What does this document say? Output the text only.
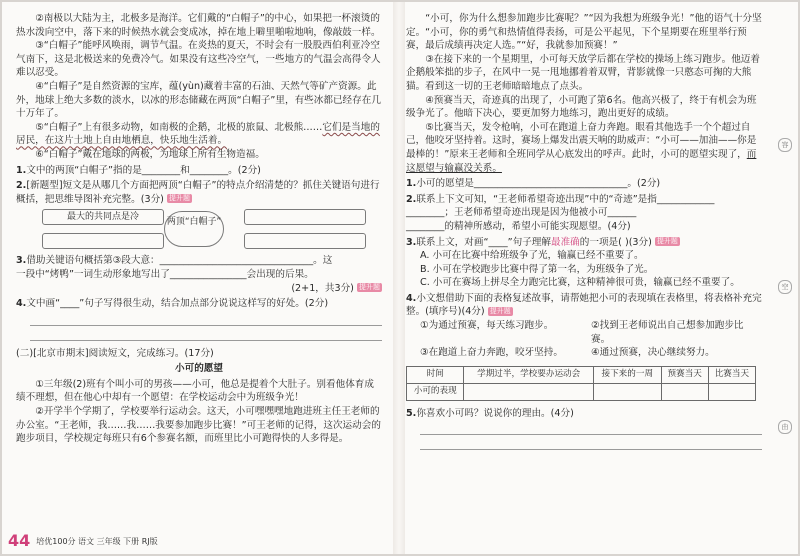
②南极以大陆为主，北极多是海洋。它们戴的“白帽子”的中心，如果把一杯滚烫的热水泼向空中，落下来的时候热水就会变成冰，掉在地上噼里啪啦地响，像敲鼓一样。

③“白帽子”能呼风唤雨，调节气温。在炎热的夏天，不时会有一股股西伯利亚冷空气南下，这是北极送来的免费冷气。如果没有这些冷空气，一些地方的气温会高得令人难以忍受。

④“白帽子”是自然资源的宝库，蕴(yùn)藏着丰富的石油、天然气等矿产资源。此外，地球上绝大多数的淡水，以冰的形态储藏在两顶“白帽子”里，有些冰都已经存在几十万年了。

⑤“白帽子”上有很多动物，如南极的企鹅，北极的旅鼠、北极熊……它们是当地的居民，在这片土地上自由地栖息，快乐地生活着。

⑥“白帽子”戴在地球的两极，为地球上所有生物造福。

1.文中的两顶“白帽子”指的是________和________。(2分)

2.[新题型]短文是从哪几个方面把两顶“白帽子”的特点介绍清楚的？抓住关键语句进行概括，把思维导图补充完整。(3分) 提升题

最大的共同点是冷	两顶“白帽子”

3.借助关键语句概括第③段大意：________________________________。这

一段中“烤鸭”一词生动形象地写出了________________会出现的后果。

(2+1，共3分) 提升题

4.文中画“____”句子写得很生动，结合加点部分说说这样写的好处。(2分)

(二)[北京市期末]阅读短文，完成练习。(17分)

小可的愿望

①三年级(2)班有个叫小可的男孩——小可，他总是提着个大肚子。别看他体育成绩不理想，但在他心中却有一个愿望：在学校运动会中为班级争光！

②开学半个学期了，学校要举行运动会。这天，小可嘿嘿嘿地跑进班主任王老师的办公室。“王老师，我……我……我要参加跑步比赛！”可王老师的记得，这次运动会的跑步项目，学校规定每班只有6个参赛名额，而班里比小可跑得快的人多得是。

44 培优100分 语文 三年级 下册 RJ版

“小可，你为什么想参加跑步比赛呢？”“因为我想为班级争光！”他的语气十分坚定。“小可，你的勇气和热情值得表扬，可是公平起见，下个星期要在班里举行预赛，最后成绩再决定人选。”“好，我就参加预赛！”

③在接下来的一个星期里，小可每天放学后都在学校的操场上练习跑步。他迈着企鹅般笨拙的步子，在风中一晃一甩地挪着着双臂，背影就像一只憨态可掬的大熊猫。看到这一切的王老师暗暗地点了点头。

④预赛当天，奇迹真的出现了，小可跑了第6名。他高兴极了，终于有机会为班级争光了。他暗下决心，要更加努力地练习，跑出更好的成绩。

⑤比赛当天，发令枪响，小可在跑道上奋力奔跑。眼看其他选手一个个超过自己，他咬牙坚持着。这时，赛场上爆发出震天响的助威声：“小可——加油——你是最棒的！”原来王老师和全班同学从心底发出的呼声。此时，小可的愿望实现了，而这愿望与输赢没关系。

1.小可的愿望是________________________________。(2分)

2.联系上下文可知，“王老师希望奇迹出现”中的“奇迹”是指____________

________；王老师希望奇迹出现是因为他被小可______

________的精神所感动，希望小可能实现愿望。(4分)

3.联系上文，对画“____”句子理解最准确的一项是( )(3分) 提升题

A. 小可在比赛中给班级争了光，输赢已经不重要了。

B. 小可在学校跑步比赛中得了第一名，为班级争了光。

C. 小可在赛场上拼尽全力跑完比赛，这种精神很可贵，输赢已经不重要了。

4.小文想借助下面的表格复述故事，请帮她把小可的表现填在表格里，将表格补充完整。(填序号)(4分) 提升题

①为通过预赛，每天练习跑步。	②找到王老师说出自己想参加跑步比赛。
③在跑道上奋力奔跑，咬牙坚持。	④通过预赛，决心继续努力。
时间	学期过半，学校要办运动会	接下来的一周	预赛当天	比赛当天
小可的表现				

5.你喜欢小可吗？说说你的理由。(4分)

容
空
由
